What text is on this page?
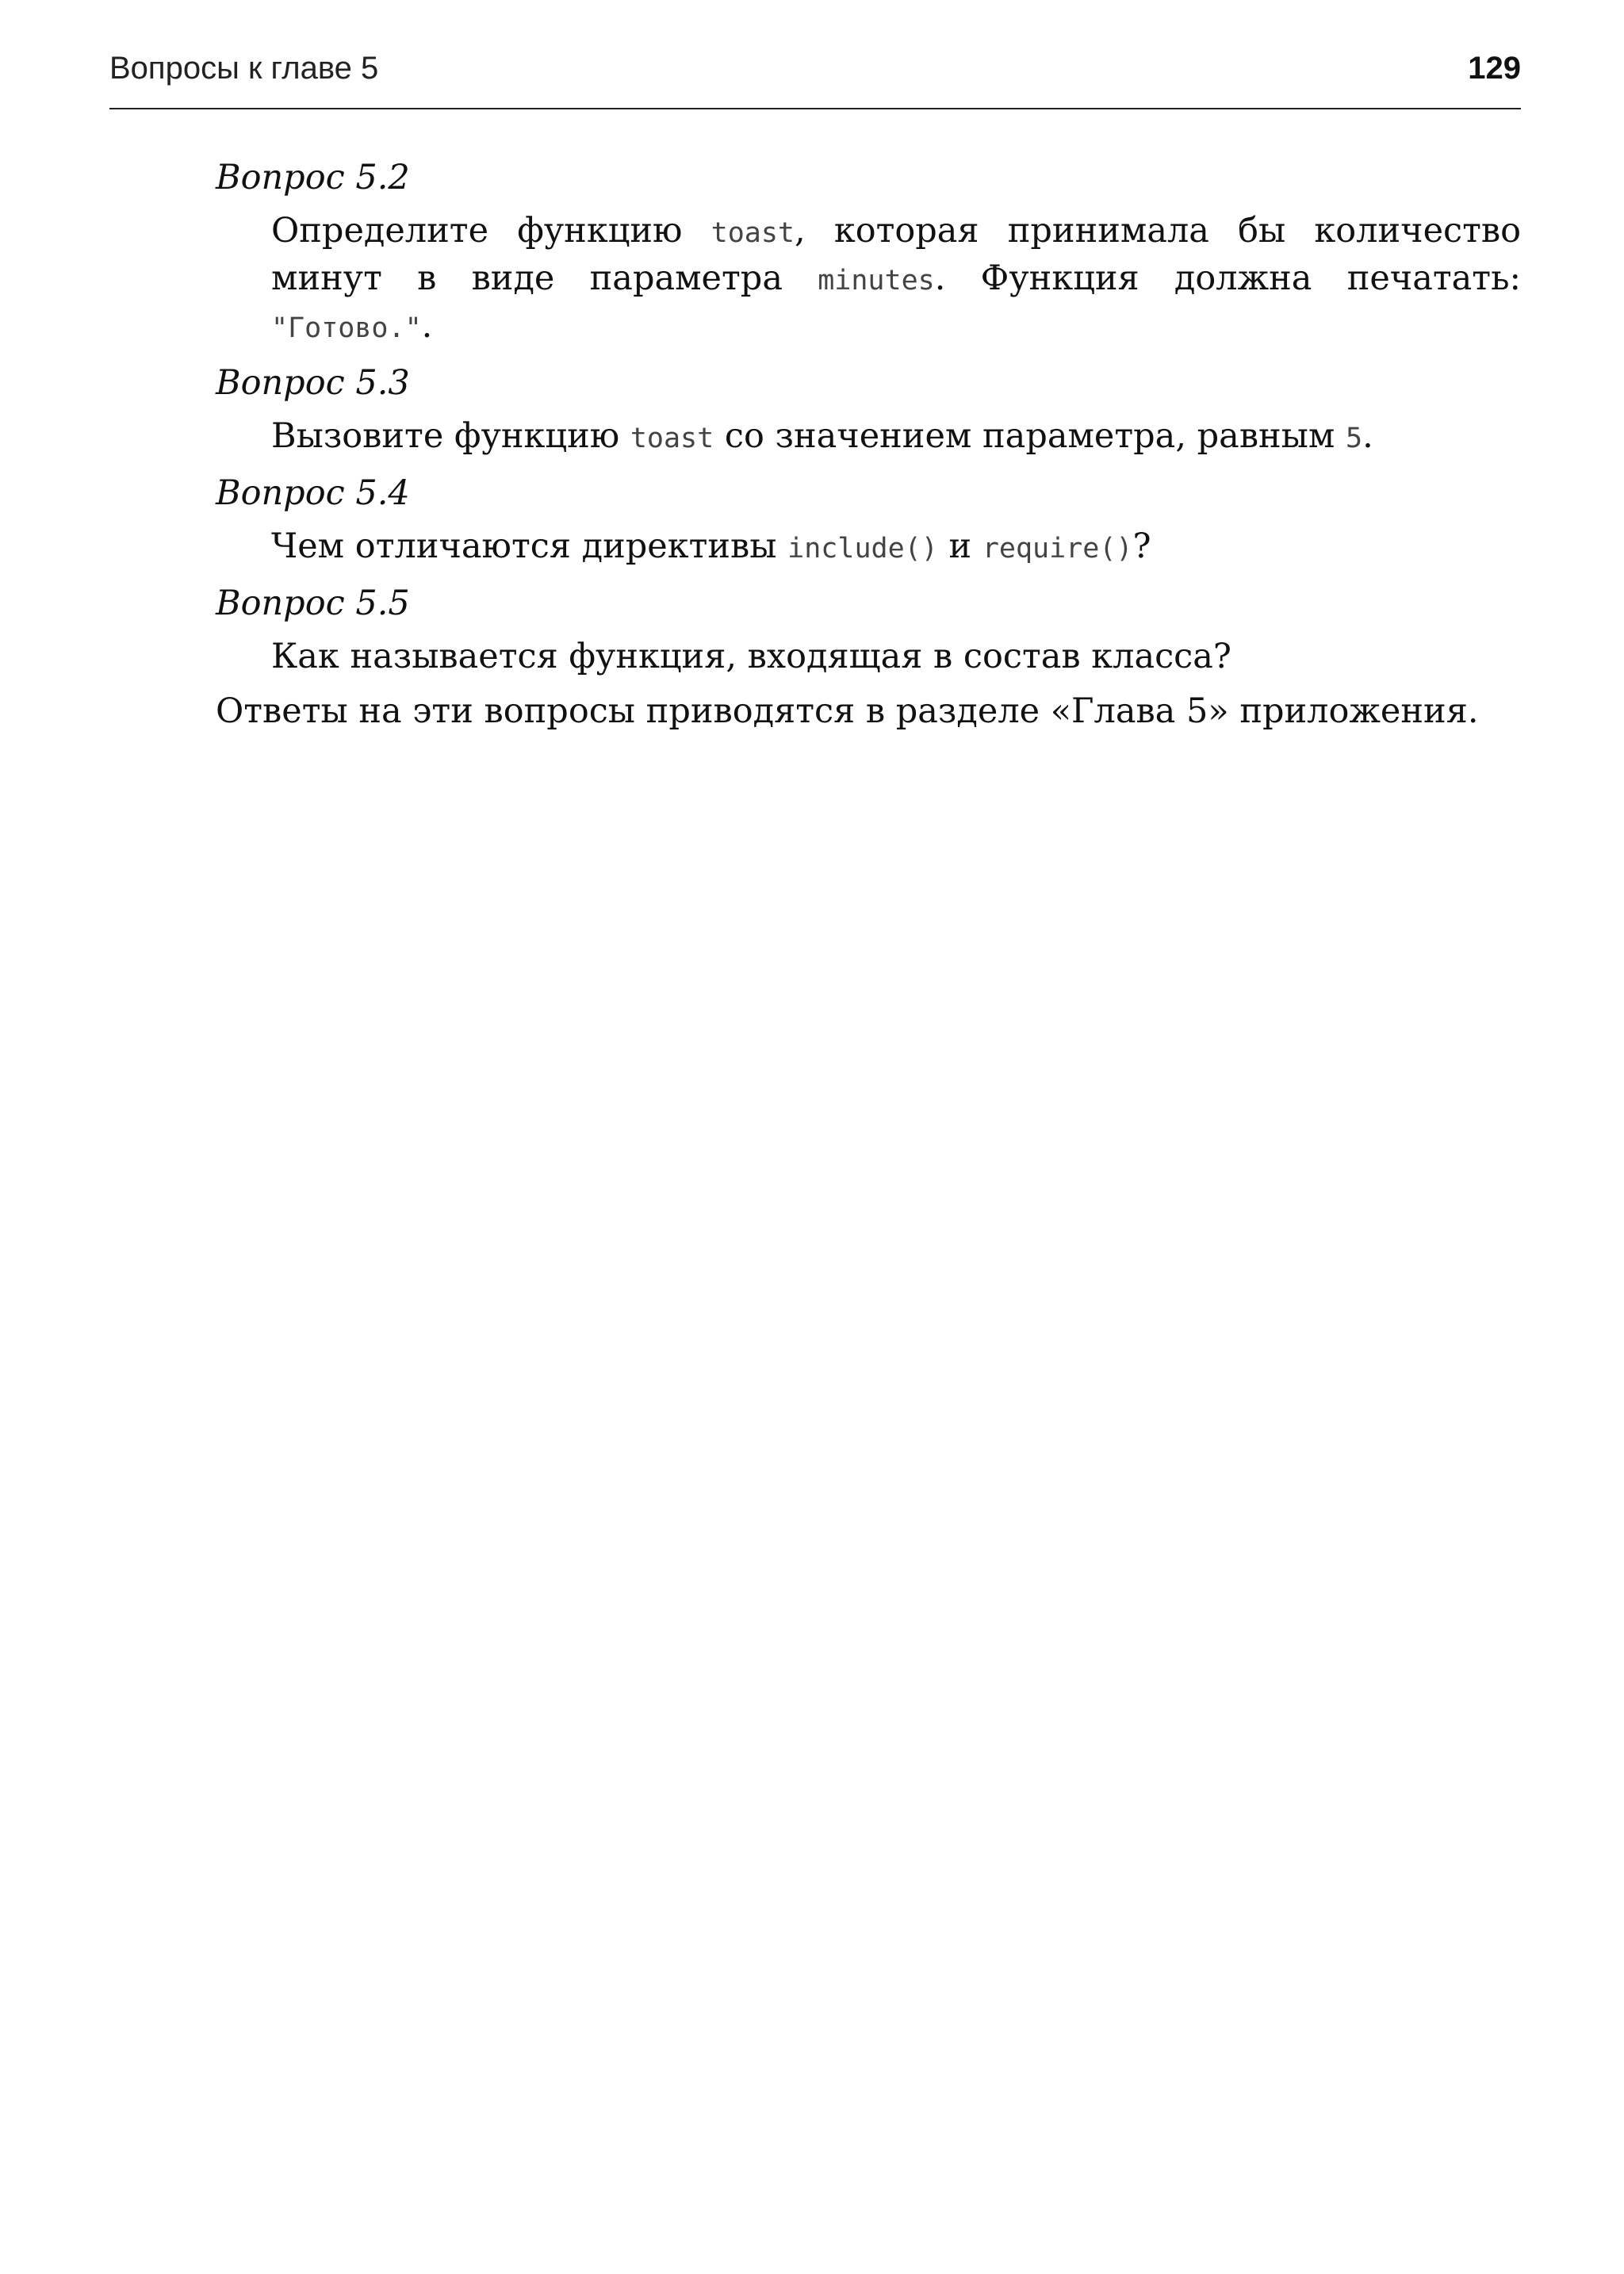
Вопросы к главе 5	129

Вопрос 5.2

Определите функцию toast, которая принимала бы количество минут в виде параметра minutes. Функция должна печатать: "Готово.".

Вопрос 5.3

Вызовите функцию toast со значением параметра, равным 5.

Вопрос 5.4

Чем отличаются директивы include() и require()?

Вопрос 5.5

Как называется функция, входящая в состав класса?

Ответы на эти вопросы приводятся в разделе «Глава 5» приложения.
